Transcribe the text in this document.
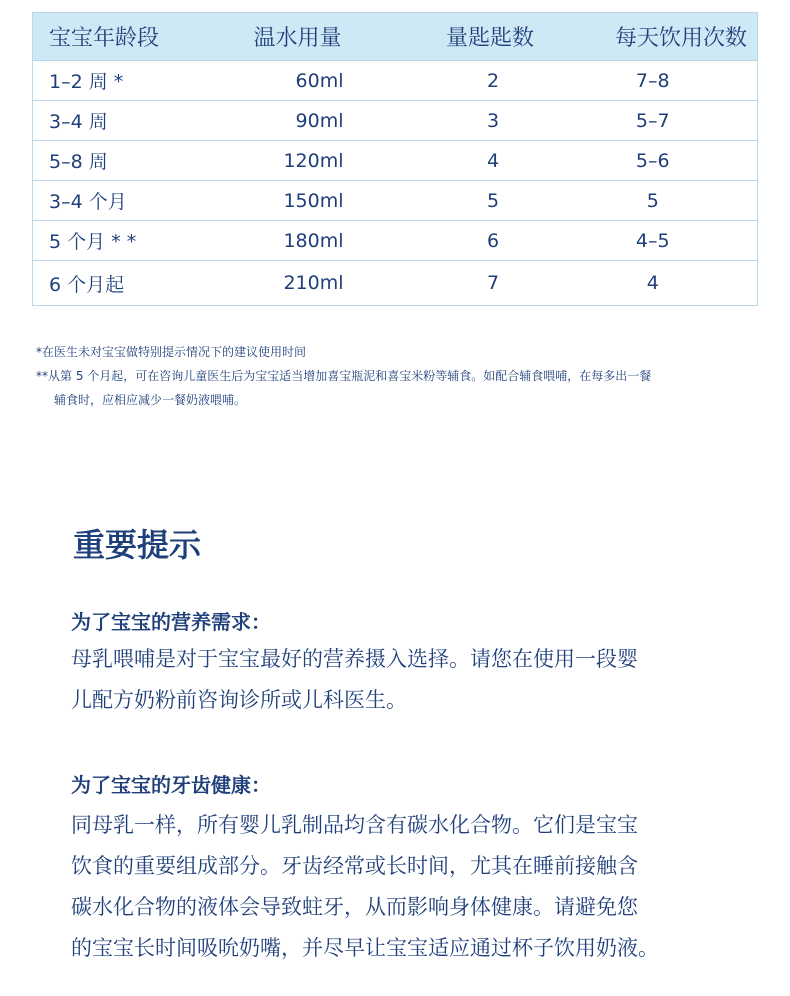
宝宝年龄段	温水用量	量匙匙数	每天饮用次数
1–2 周 *	60ml	2	7–8
3–4 周	90ml	3	5–7
5–8 周	120ml	4	5–6
3–4 个月	150ml	5	5
5 个月 * *	180ml	6	4–5
6 个月起	210ml	7	4
*在医生未对宝宝做特别提示情况下的建议使用时间
**从第 5 个月起，可在咨询儿童医生后为宝宝适当增加喜宝瓶泥和喜宝米粉等辅食。如配合辅食喂哺，在每多出一餐
辅食时，应相应减少一餐奶液喂哺。
重要提示
为了宝宝的营养需求：
母乳喂哺是对于宝宝最好的营养摄入选择。请您在使用一段婴
儿配方奶粉前咨询诊所或儿科医生。
为了宝宝的牙齿健康：
同母乳一样，所有婴儿乳制品均含有碳水化合物。它们是宝宝
饮食的重要组成部分。牙齿经常或长时间，尤其在睡前接触含
碳水化合物的液体会导致蛀牙，从而影响身体健康。请避免您
的宝宝长时间吸吮奶嘴，并尽早让宝宝适应通过杯子饮用奶液。
